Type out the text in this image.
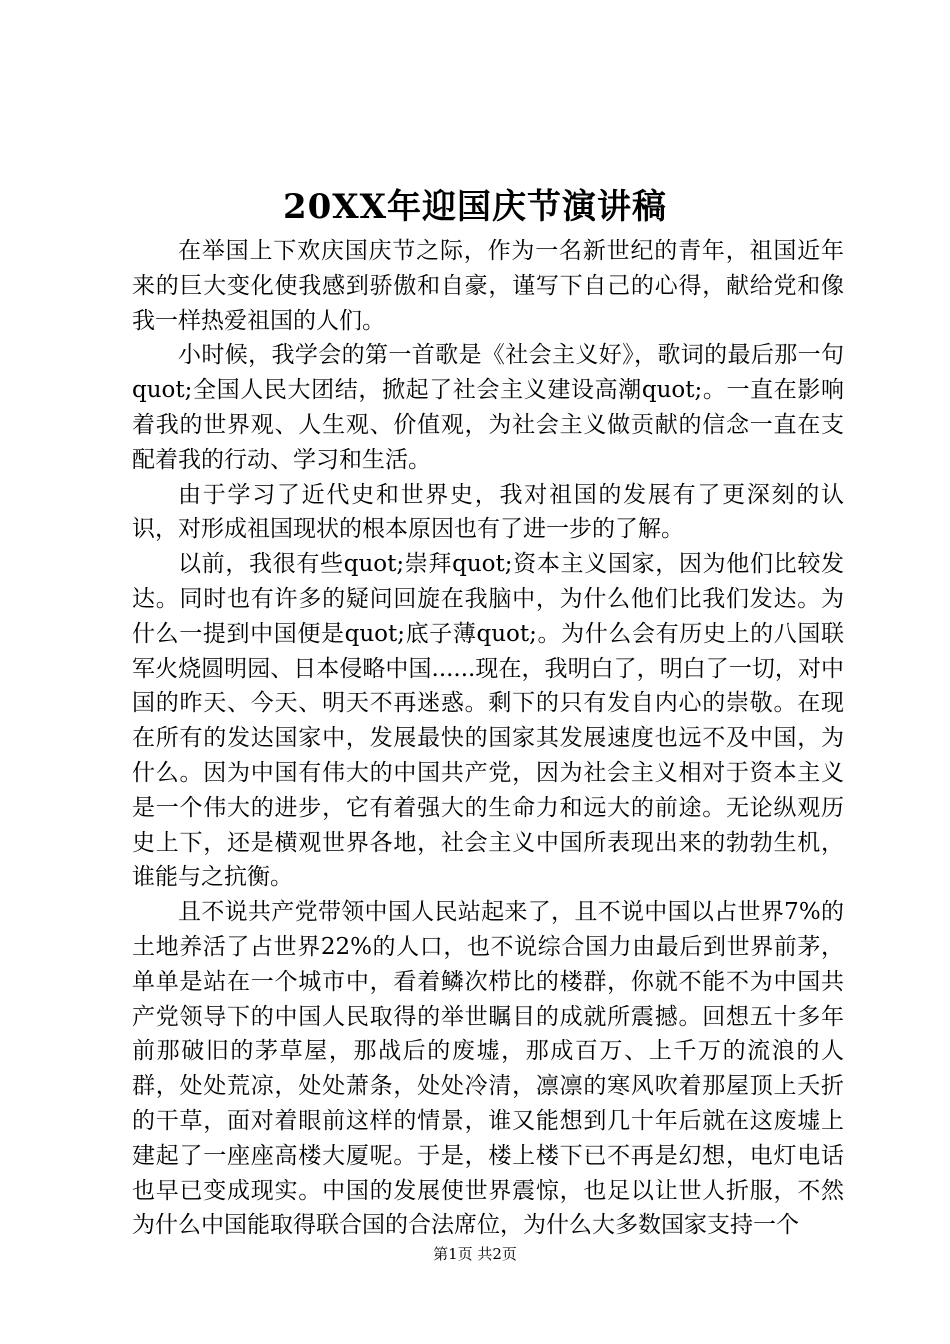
20XX年迎国庆节演讲稿

在举国上下欢庆国庆节之际，作为一名新世纪的青年，祖国近年来的巨大变化使我感到骄傲和自豪，谨写下自己的心得，献给党和像我一样热爱祖国的人们。

小时候，我学会的第一首歌是《社会主义好》，歌词的最后那一句quot;全国人民大团结，掀起了社会主义建设高潮quot;。一直在影响着我的世界观、人生观、价值观，为社会主义做贡献的信念一直在支配着我的行动、学习和生活。

由于学习了近代史和世界史，我对祖国的发展有了更深刻的认识，对形成祖国现状的根本原因也有了进一步的了解。

以前，我很有些quot;崇拜quot;资本主义国家，因为他们比较发达。同时也有许多的疑问回旋在我脑中，为什么他们比我们发达。为什么一提到中国便是quot;底子薄quot;。为什么会有历史上的八国联军火烧圆明园、日本侵略中国......现在，我明白了，明白了一切，对中国的昨天、今天、明天不再迷惑。剩下的只有发自内心的崇敬。在现在所有的发达国家中，发展最快的国家其发展速度也远不及中国，为什么。因为中国有伟大的中国共产党，因为社会主义相对于资本主义是一个伟大的进步，它有着强大的生命力和远大的前途。无论纵观历史上下，还是横观世界各地，社会主义中国所表现出来的勃勃生机，谁能与之抗衡。

且不说共产党带领中国人民站起来了，且不说中国以占世界7%的土地养活了占世界22%的人口，也不说综合国力由最后到世界前茅，单单是站在一个城市中，看着鳞次栉比的楼群，你就不能不为中国共产党领导下的中国人民取得的举世瞩目的成就所震撼。回想五十多年前那破旧的茅草屋，那战后的废墟，那成百万、上千万的流浪的人群，处处荒凉，处处萧条，处处冷清，凛凛的寒风吹着那屋顶上夭折的干草，面对着眼前这样的情景，谁又能想到几十年后就在这废墟上建起了一座座高楼大厦呢。于是，楼上楼下已不再是幻想，电灯电话也早已变成现实。中国的发展使世界震惊，也足以让世人折服，不然为什么中国能取得联合国的合法席位，为什么大多数国家支持一个

第1页 共2页
